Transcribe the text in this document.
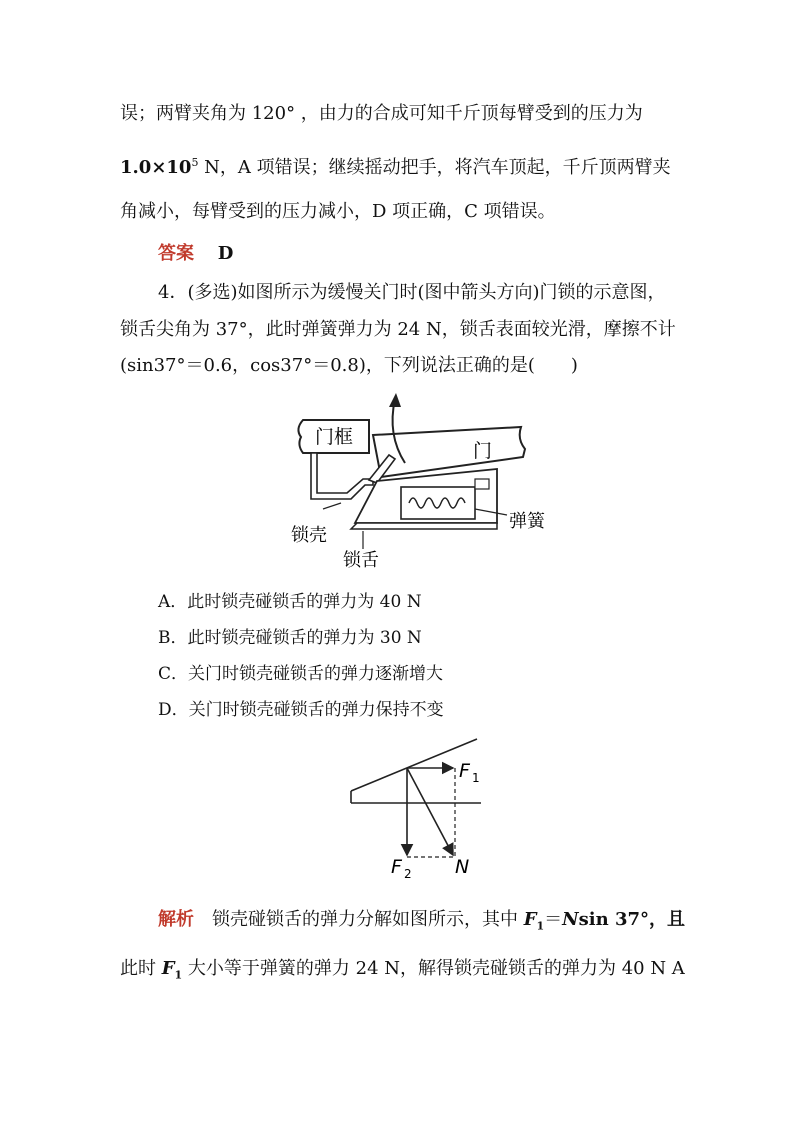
误；两臂夹角为 120° ，由力的合成可知千斤顶每臂受到的压力为
$1.0\times 10^5$ N，A 项错误；继续摇动把手，将汽车顶起，千斤顶两臂夹
角减小，每臂受到的压力减小，D 项正确，C 项错误。
答案 D
4．(多选)如图所示为缓慢关门时(图中箭头方向)门锁的示意图，
锁舌尖角为 37°，此时弹簧弹力为 24 N，锁舌表面较光滑，摩擦不计
(sin37°＝0.6，cos37°＝0.8)，下列说法正确的是(　　)
门框
门
弹簧
锁壳
锁舌
A．此时锁壳碰锁舌的弹力为 40 N
B．此时锁壳碰锁舌的弹力为 30 N
C．关门时锁壳碰锁舌的弹力逐渐增大
D．关门时锁壳碰锁舌的弹力保持不变
F 1
F 2 N
解析　锁壳碰锁舌的弹力分解如图所示，其中 $F_1=Nsin$ 37°，且
此时 $F_1$ 大小等于弹簧的弹力 24 N，解得锁壳碰锁舌的弹力为 40 N A
